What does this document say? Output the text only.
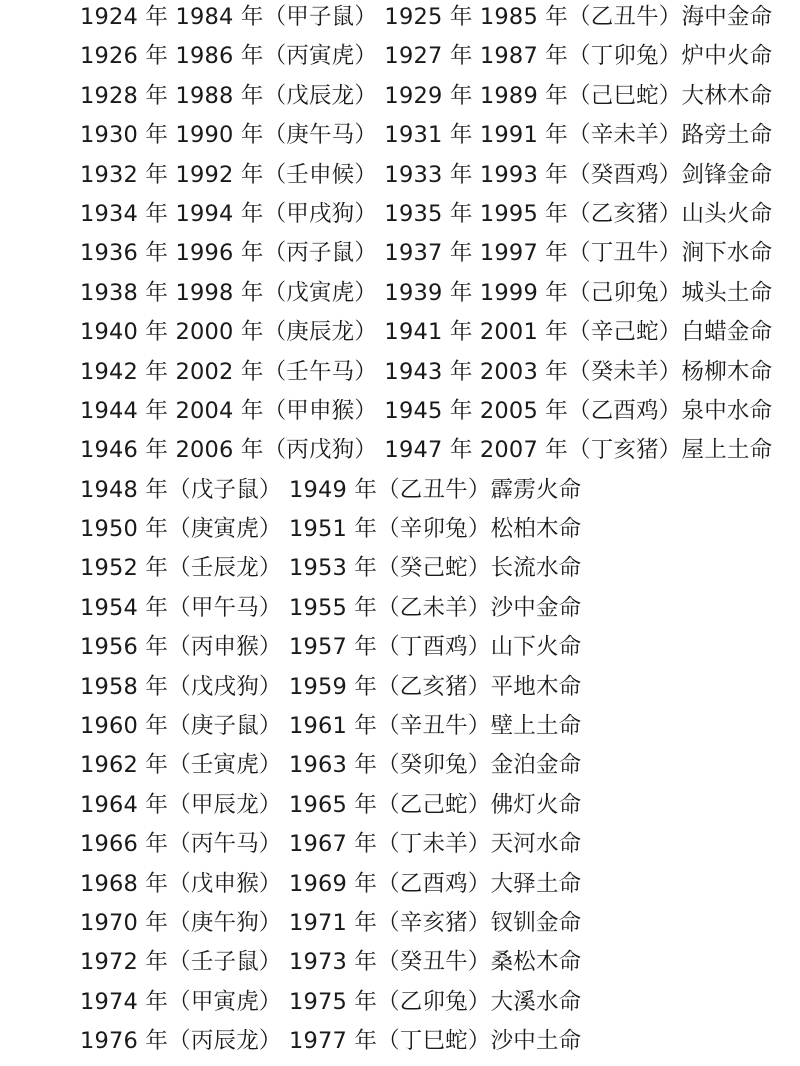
1924 年 1984 年（甲子鼠） 1925 年 1985 年（乙丑牛）海中金命
1926 年 1986 年（丙寅虎） 1927 年 1987 年（丁卯兔）炉中火命
1928 年 1988 年（戊辰龙） 1929 年 1989 年（己巳蛇）大林木命
1930 年 1990 年（庚午马） 1931 年 1991 年（辛未羊）路旁土命
1932 年 1992 年（壬申候） 1933 年 1993 年（癸酉鸡）剑锋金命
1934 年 1994 年（甲戌狗） 1935 年 1995 年（乙亥猪）山头火命
1936 年 1996 年（丙子鼠） 1937 年 1997 年（丁丑牛）涧下水命
1938 年 1998 年（戊寅虎） 1939 年 1999 年（己卯兔）城头土命
1940 年 2000 年（庚辰龙） 1941 年 2001 年（辛己蛇）白蜡金命
1942 年 2002 年（壬午马） 1943 年 2003 年（癸未羊）杨柳木命
1944 年 2004 年（甲申猴） 1945 年 2005 年（乙酉鸡）泉中水命
1946 年 2006 年（丙戊狗） 1947 年 2007 年（丁亥猪）屋上土命
1948 年（戊子鼠） 1949 年（乙丑牛）霹雳火命
1950 年（庚寅虎） 1951 年（辛卯兔）松柏木命
1952 年（壬辰龙） 1953 年（癸己蛇）长流水命
1954 年（甲午马） 1955 年（乙未羊）沙中金命
1956 年（丙申猴） 1957 年（丁酉鸡）山下火命
1958 年（戊戌狗） 1959 年（乙亥猪）平地木命
1960 年（庚子鼠） 1961 年（辛丑牛）壁上土命
1962 年（壬寅虎） 1963 年（癸卯兔）金泊金命
1964 年（甲辰龙） 1965 年（乙己蛇）佛灯火命
1966 年（丙午马） 1967 年（丁未羊）天河水命
1968 年（戊申猴） 1969 年（乙酉鸡）大驿土命
1970 年（庚午狗） 1971 年（辛亥猪）钗钏金命
1972 年（壬子鼠） 1973 年（癸丑牛）桑松木命
1974 年（甲寅虎） 1975 年（乙卯兔）大溪水命
1976 年（丙辰龙） 1977 年（丁巳蛇）沙中土命
